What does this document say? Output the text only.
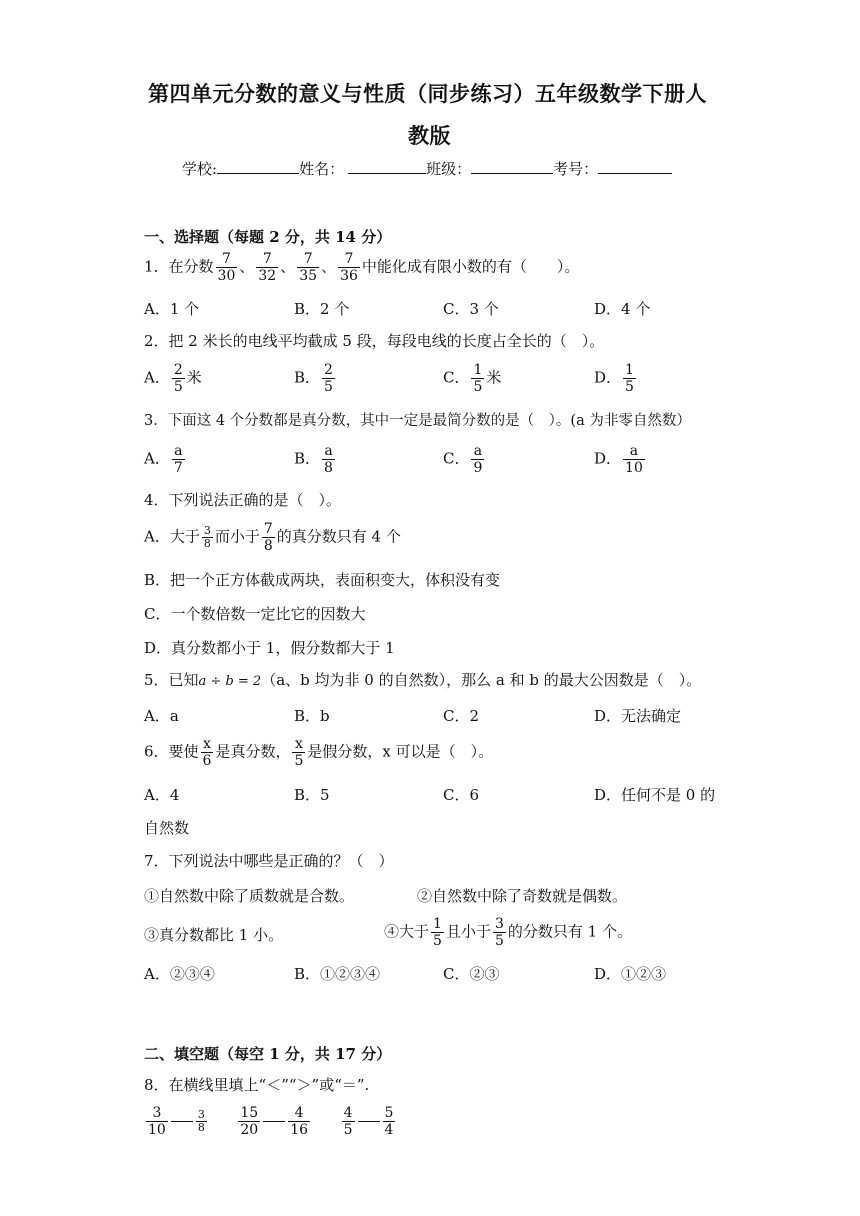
第四单元分数的意义与性质（同步练习）五年级数学下册人
教版
学校:	姓名：	班级：	考号：
一、选择题（每题 2 分，共 14 分）
1．在分数 $\frac{7}{30}$ 、 $\frac{7}{32}$ 、 $\frac{7}{35}$ 、 $\frac{7}{36}$ 中能化成有限小数的有（　　）。
A．1 个	B．2 个	C．3 个	D．4 个
2．把 2 米长的电线平均截成 5 段，每段电线的长度占全长的（　）。
A． $\frac{2}{5}$ 米	B． $\frac{2}{5}$	C． $\frac{1}{5}$ 米	D． $\frac{1}{5}$
3．下面这 4 个分数都是真分数，其中一定是最简分数的是（　）。(a 为非零自然数）
A． $\frac{a}{7}$	B． $\frac{a}{8}$	C． $\frac{a}{9}$	D． $\frac{a}{10}$
4．下列说法正确的是（　）。
A．大于 $\frac{3}{8}$ 而小于 $\frac{7}{8}$ 的真分数只有 4 个
B．把一个正方体截成两块，表面积变大，体积没有变
C．一个数倍数一定比它的因数大
D．真分数都小于 1，假分数都大于 1
5．已知a ÷ b = 2（a、b 均为非 0 的自然数），那么 a 和 b 的最大公因数是（　）。
A．a	B．b	C．2	D．无法确定
6．要使 $\frac{x}{6}$ 是真分数， $\frac{x}{5}$ 是假分数，x 可以是（　）。
A．4	B．5	C．6	D．任何不是 0 的
自然数
7．下列说法中哪些是正确的？（　）
①自然数中除了质数就是合数。	②自然数中除了奇数就是偶数。
③真分数都比 1 小。	④大于 $\frac{1}{5}$ 且小于 $\frac{3}{5}$ 的分数只有 1 个。
A．②③④	B．①②③④	C．②③	D．①②③
二、填空题（每空 1 分，共 17 分）
8．在横线里填上“＜”“＞”或“＝”.
$\frac{3}{10}$	$\frac{3}{8}$
$\frac{15}{20} \frac{4}{16}$
$\frac{4}{5} \frac{5}{4}$
